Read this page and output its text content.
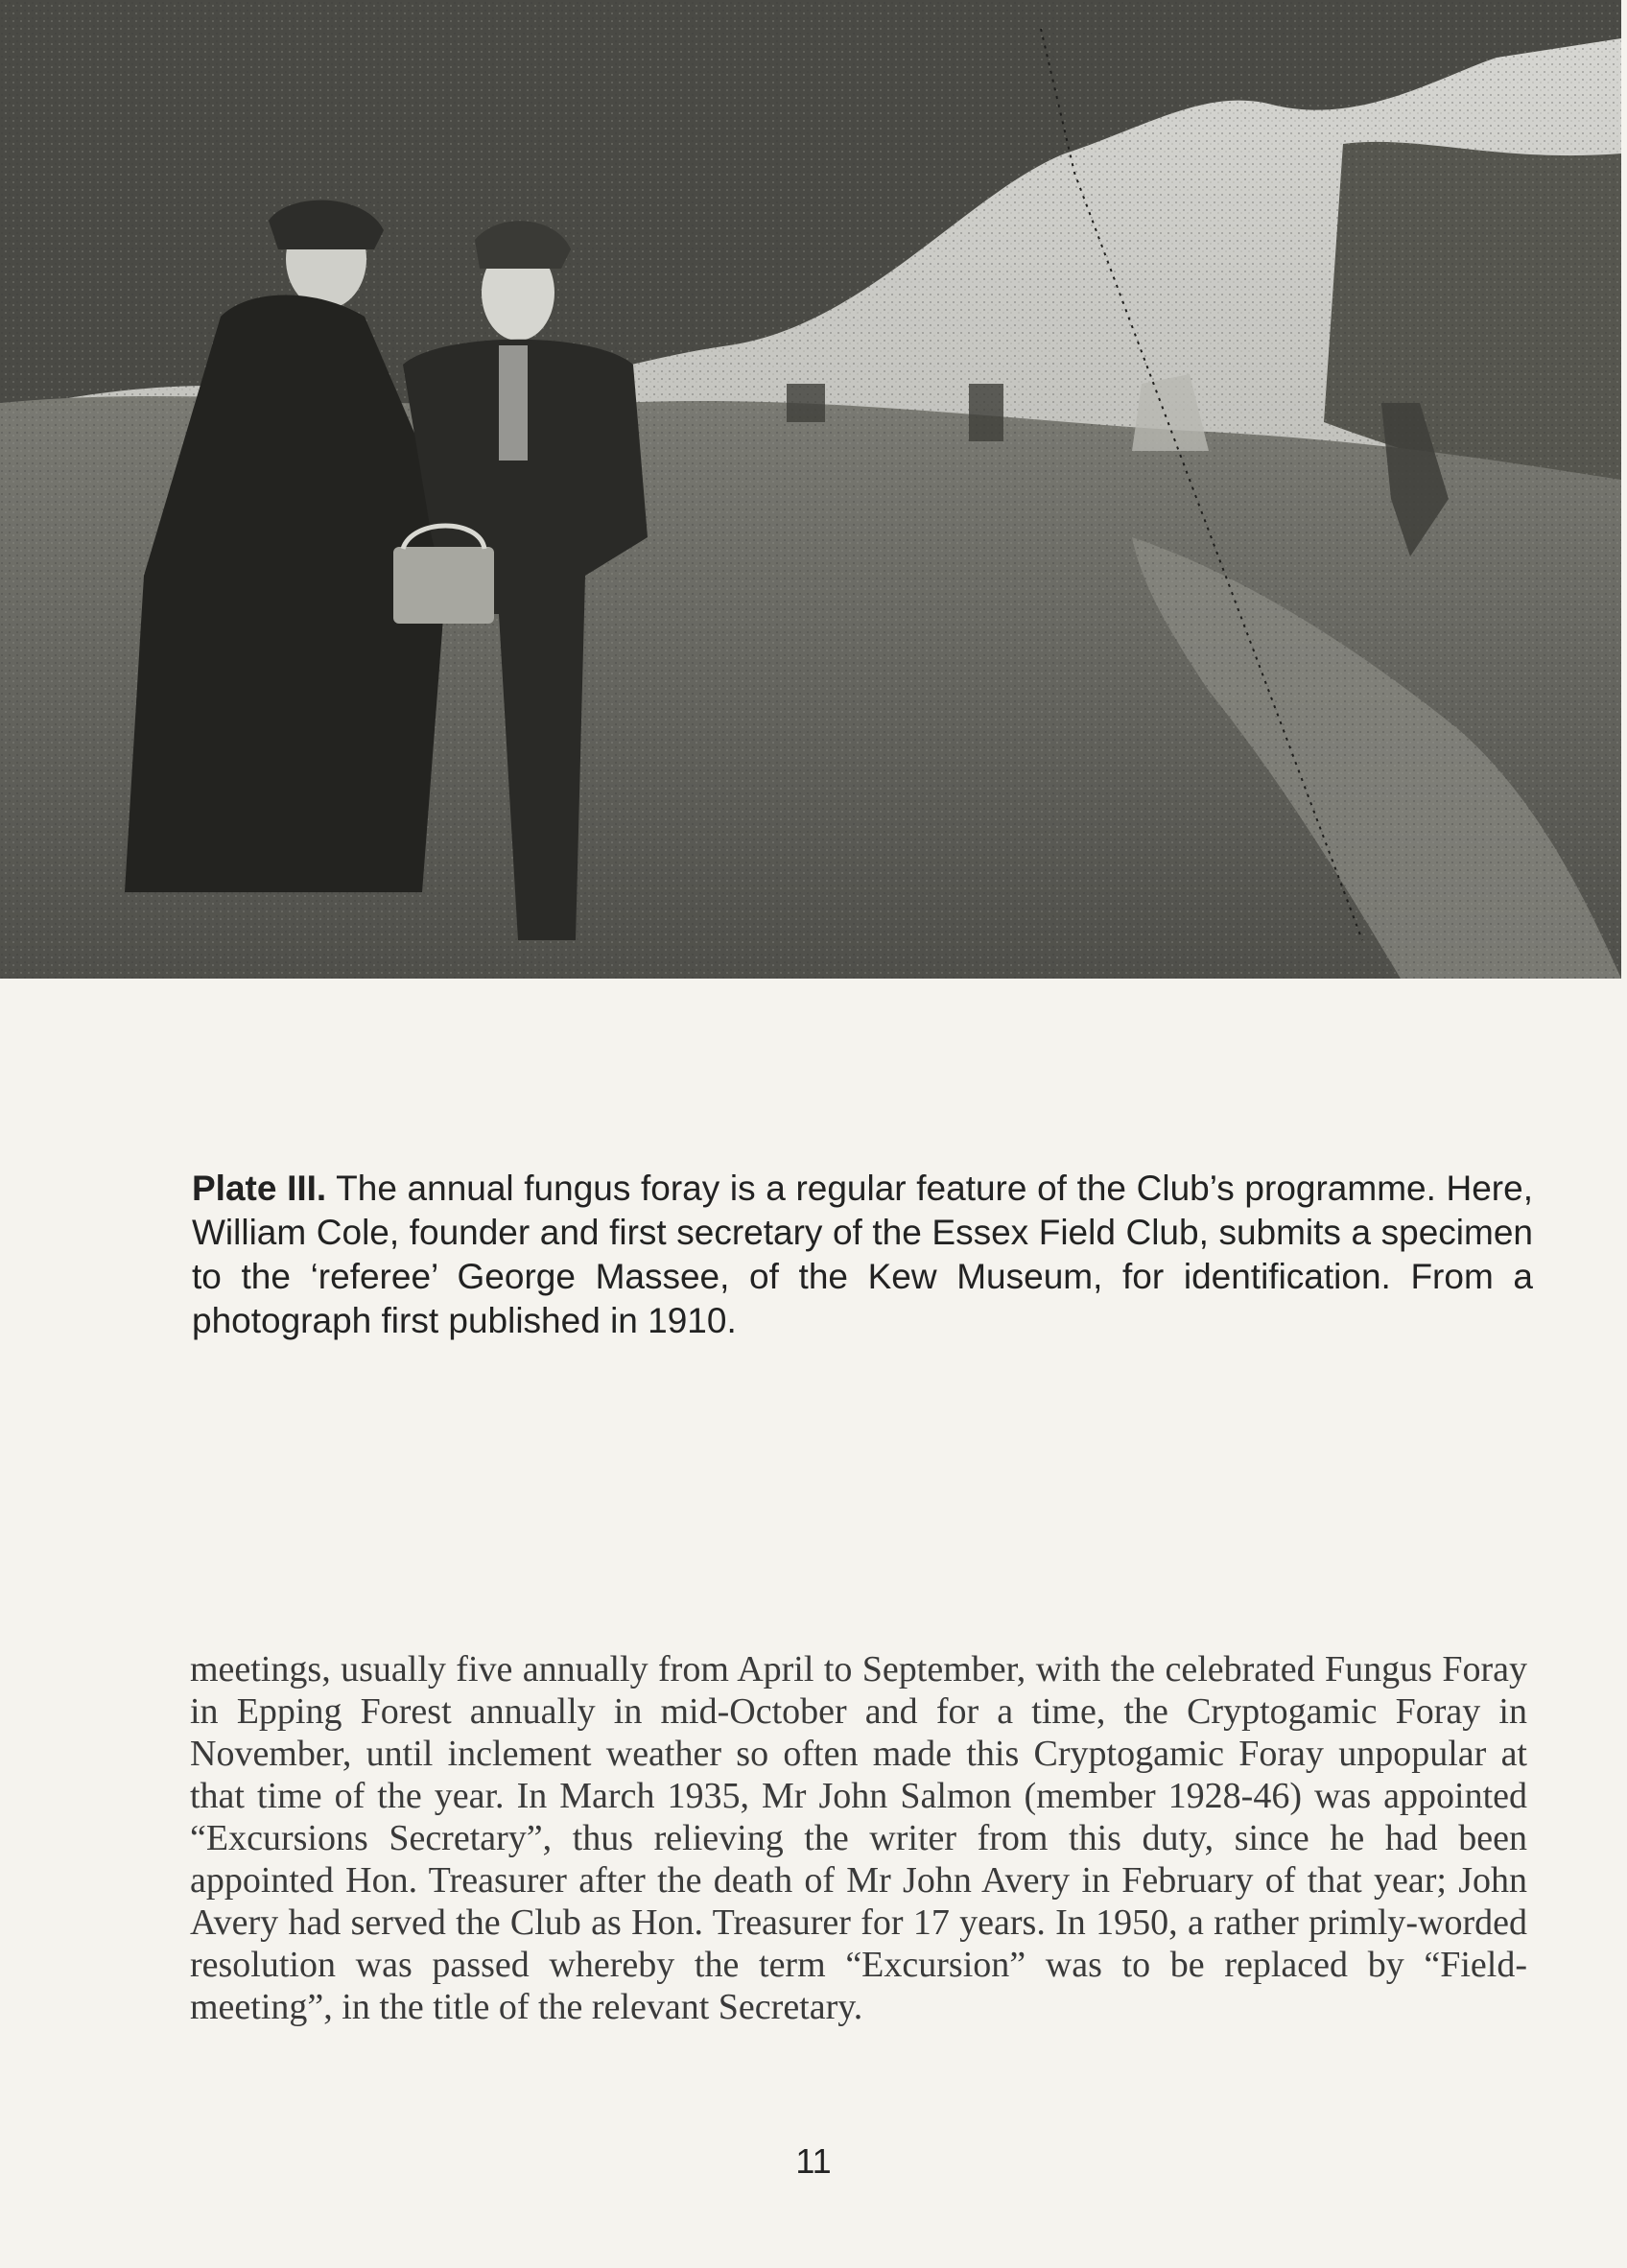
Plate III. The annual fungus foray is a regular feature of the Club’s programme. Here, William Cole, founder and first secretary of the Essex Field Club, submits a specimen to the ‘referee’ George Massee, of the Kew Museum, for identification. From a photograph first published in 1910.

meetings, usually five annually from April to September, with the celebrated Fungus Foray in Epping Forest annually in mid-October and for a time, the Cryptogamic Foray in November, until inclement weather so often made this Cryptogamic Foray unpopular at that time of the year. In March 1935, Mr John Salmon (member 1928-46) was appointed “Excursions Secretary”, thus relieving the writer from this duty, since he had been appointed Hon. Treasurer after the death of Mr John Avery in February of that year; John Avery had served the Club as Hon. Treasurer for 17 years. In 1950, a rather primly-worded resolution was passed whereby the term “Excursion” was to be replaced by “Field-meeting”, in the title of the relevant Secretary.

11
